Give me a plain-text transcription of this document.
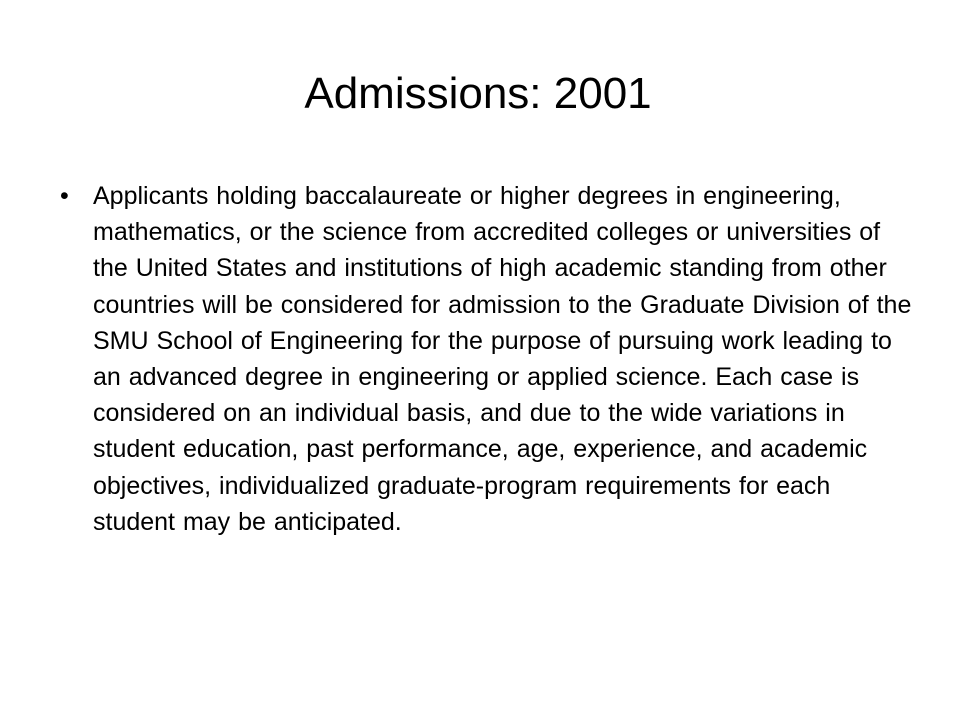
Admissions: 2001
• Applicants holding baccalaureate or higher degrees in engineering, mathematics, or the science from accredited colleges or universities of the United States and institutions of high academic standing from other countries will be considered for admission to the Graduate Division of the SMU School of Engineering for the purpose of pursuing work leading to an advanced degree in engineering or applied science. Each case is considered on an individual basis, and due to the wide variations in student education, past performance, age, experience, and academic objectives, individualized graduate-program requirements for each student may be anticipated.
